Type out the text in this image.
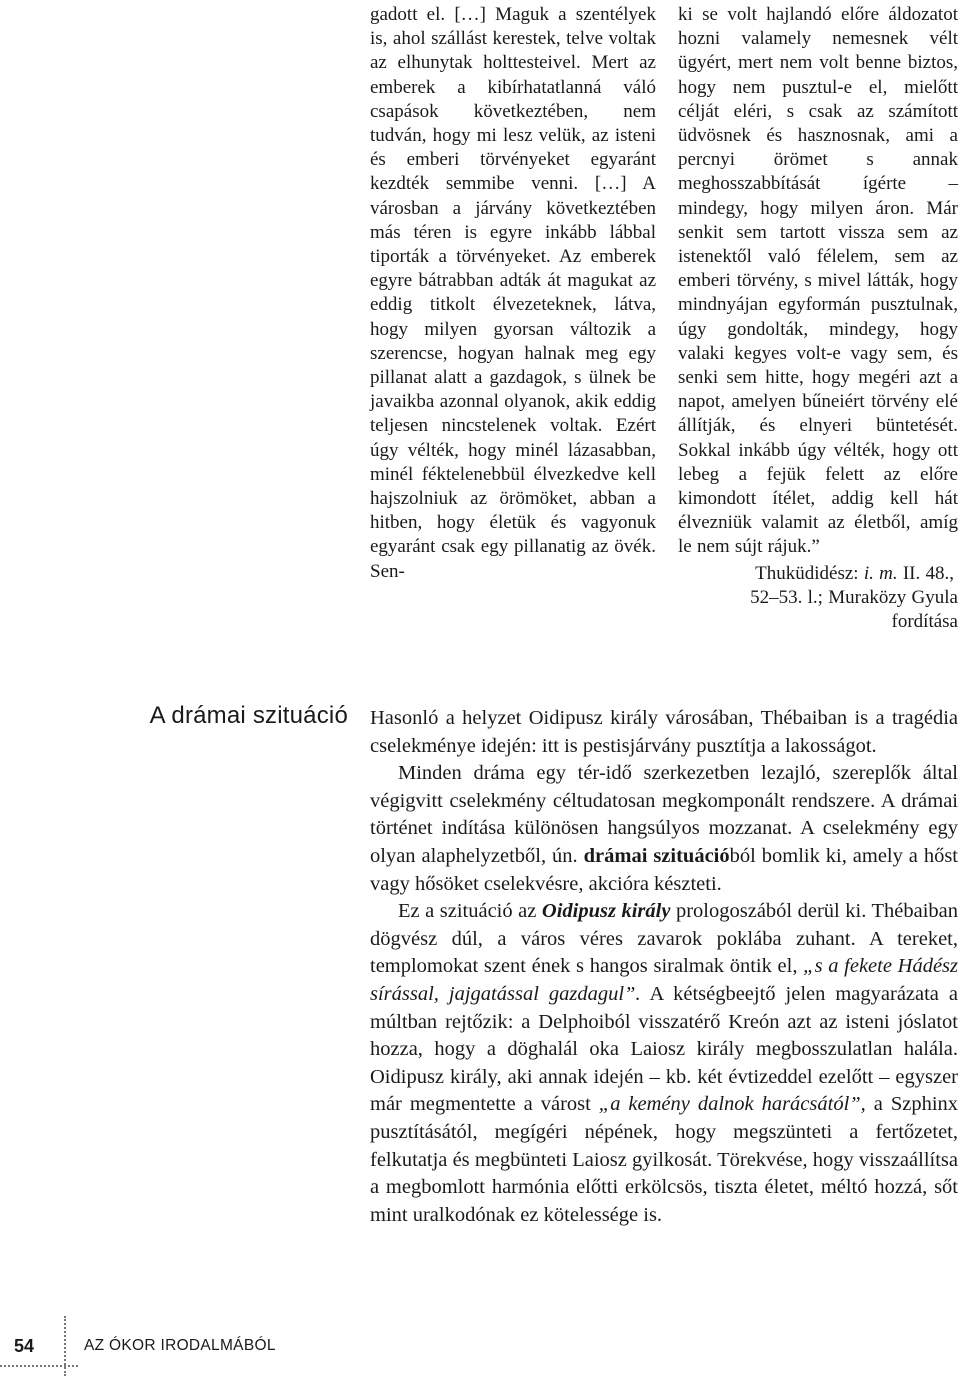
gadott el. […] Maguk a szentélyek is, ahol szállást kerestek, telve voltak az elhunytak holttesteivel. Mert az emberek a kibírhatatlanná váló csapások következtében, nem tudván, hogy mi lesz velük, az isteni és emberi törvényeket egyaránt kezdték semmibe venni. […] A városban a járvány következtében más téren is egyre inkább lábbal tiporták a törvényeket. Az emberek egyre bátrabban adták át magukat az eddig titkolt élvezeteknek, látva, hogy milyen gyorsan változik a szerencse, hogyan halnak meg egy pillanat alatt a gazdagok, s ülnek be javaikba azonnal olyanok, akik eddig teljesen nincstelenek voltak. Ezért úgy vélték, hogy minél lázasabban, minél féktelenebbül élvezkedve kell hajszolniuk az örömöket, abban a hitben, hogy életük és vagyonuk egyaránt csak egy pillanatig az övék. Sen-

ki se volt hajlandó előre áldozatot hozni valamely nemesnek vélt ügyért, mert nem volt benne biztos, hogy nem pusztul-e el, mielőtt célját eléri, s csak az számított üdvösnek és hasznosnak, ami a percnyi örömet s annak meghosszabbítását ígérte – mindegy, hogy milyen áron. Már senkit sem tartott vissza sem az istenektől való félelem, sem az emberi törvény, s mivel látták, hogy mindnyájan egyformán pusztulnak, úgy gondolták, mindegy, hogy valaki kegyes volt-e vagy sem, és senki sem hitte, hogy megéri azt a napot, amelyen bűneiért törvény elé állítják, és elnyeri büntetését. Sokkal inkább úgy vélték, hogy ott lebeg a fejük felett az előre kimondott ítélet, addig kell hát élvezniük valamit az életből, amíg le nem sújt rájuk.”

Thuküdidész: i. m. II. 48.,
52–53. l.; Muraközy Gyula
fordítása
A drámai szituáció Hasonló a helyzet Oidipusz király városában, Thébaiban is a tragédia cselekménye idején: itt is pestisjárvány pusztítja a lakosságot.

Minden dráma egy tér-idő szerkezetben lezajló, szereplők által végigvitt cselekmény céltudatosan megkomponált rendszere. A drámai történet indítása különösen hangsúlyos mozzanat. A cselekmény egy olyan alaphelyzetből, ún. drámai szituációból bomlik ki, amely a hőst vagy hősöket cselekvésre, akcióra készteti.

Ez a szituáció az Oidipusz király prologoszából derül ki. Thébaiban dögvész dúl, a város véres zavarok poklába zuhant. A tereket, templomokat szent ének s hangos siralmak öntik el, „s a fekete Hádész sírással, jajgatással gazdagul”. A kétségbeejtő jelen magyarázata a múltban rejtőzik: a Delphoiból visszatérő Kreón azt az isteni jóslatot hozza, hogy a döghalál oka Laiosz király megbosszulatlan halála. Oidipusz király, aki annak idején – kb. két évtizeddel ezelőtt – egyszer már megmentette a várost „a kemény dalnok harácsától”, a Szphinx pusztításától, megígéri népének, hogy megszünteti a fertőzetet, felkutatja és megbünteti Laiosz gyilkosát. Törekvése, hogy visszaállítsa a megbomlott harmónia előtti erkölcsös, tiszta életet, méltó hozzá, sőt mint uralkodónak ez kötelessége is.

54	AZ ÓKOR IRODALMÁBÓL
